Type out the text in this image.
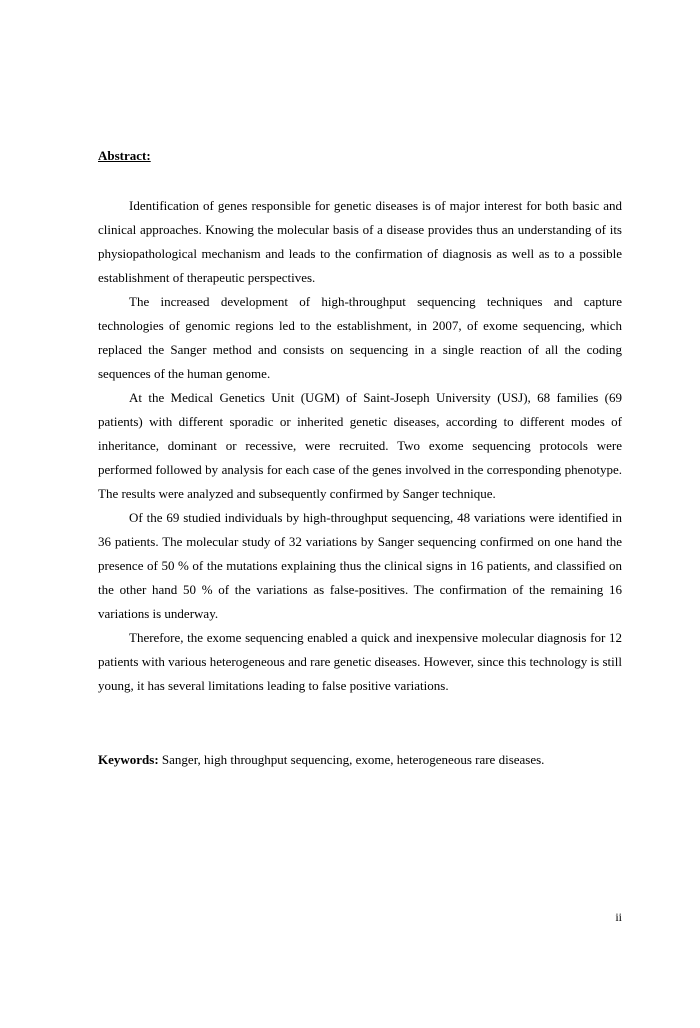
Abstract:

Identification of genes responsible for genetic diseases is of major interest for both basic and clinical approaches. Knowing the molecular basis of a disease provides thus an understanding of its physiopathological mechanism and leads to the confirmation of diagnosis as well as to a possible establishment of therapeutic perspectives.

The increased development of high-throughput sequencing techniques and capture technologies of genomic regions led to the establishment, in 2007, of exome sequencing, which replaced the Sanger method and consists on sequencing in a single reaction of all the coding sequences of the human genome.

At the Medical Genetics Unit (UGM) of Saint-Joseph University (USJ), 68 families (69 patients) with different sporadic or inherited genetic diseases, according to different modes of inheritance, dominant or recessive, were recruited. Two exome sequencing protocols were performed followed by analysis for each case of the genes involved in the corresponding phenotype. The results were analyzed and subsequently confirmed by Sanger technique.

Of the 69 studied individuals by high-throughput sequencing, 48 variations were identified in 36 patients. The molecular study of 32 variations by Sanger sequencing confirmed on one hand the presence of 50 % of the mutations explaining thus the clinical signs in 16 patients, and classified on the other hand 50 % of the variations as false-positives. The confirmation of the remaining 16 variations is underway.

Therefore, the exome sequencing enabled a quick and inexpensive molecular diagnosis for 12 patients with various heterogeneous and rare genetic diseases. However, since this technology is still young, it has several limitations leading to false positive variations.

Keywords: Sanger, high throughput sequencing, exome, heterogeneous rare diseases.

ii
